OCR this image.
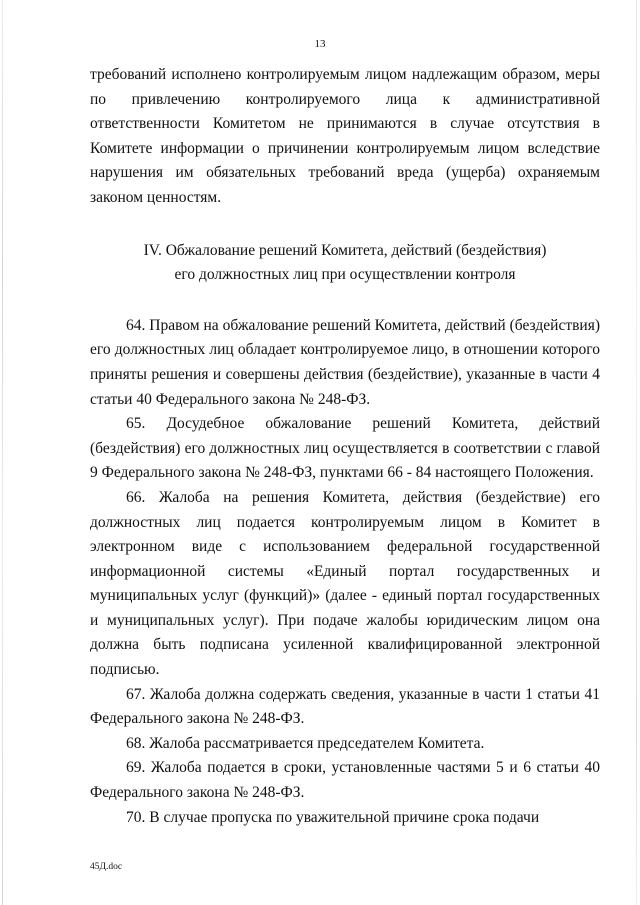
13

требований исполнено контролируемым лицом надлежащим образом, меры по привлечению контролируемого лица к административной ответственности Комитетом не принимаются в случае отсутствия в Комитете информации о причинении контролируемым лицом вследствие нарушения им обязательных требований вреда (ущерба) охраняемым законом ценностям.

IV. Обжалование решений Комитета, действий (бездействия)
его должностных лиц при осуществлении контроля

64. Правом на обжалование решений Комитета, действий (бездействия) его должностных лиц обладает контролируемое лицо, в отношении которого приняты решения и совершены действия (бездействие), указанные в части 4 статьи 40 Федерального закона № 248-ФЗ.

65. Досудебное обжалование решений Комитета, действий (бездействия) его должностных лиц осуществляется в соответствии с главой 9 Федерального закона № 248-ФЗ, пунктами 66 - 84 настоящего Положения.

66. Жалоба на решения Комитета, действия (бездействие) его должностных лиц подается контролируемым лицом в Комитет в электронном виде с использованием федеральной государственной информационной системы «Единый портал государственных и муниципальных услуг (функций)» (далее - единый портал государственных и муниципальных услуг). При подаче жалобы юридическим лицом она должна быть подписана усиленной квалифицированной электронной подписью.

67. Жалоба должна содержать сведения, указанные в части 1 статьи 41 Федерального закона № 248-ФЗ.

68. Жалоба рассматривается председателем Комитета.

69. Жалоба подается в сроки, установленные частями 5 и 6 статьи 40 Федерального закона № 248-ФЗ.

70. В случае пропуска по уважительной причине срока подачи

45Д.doc
